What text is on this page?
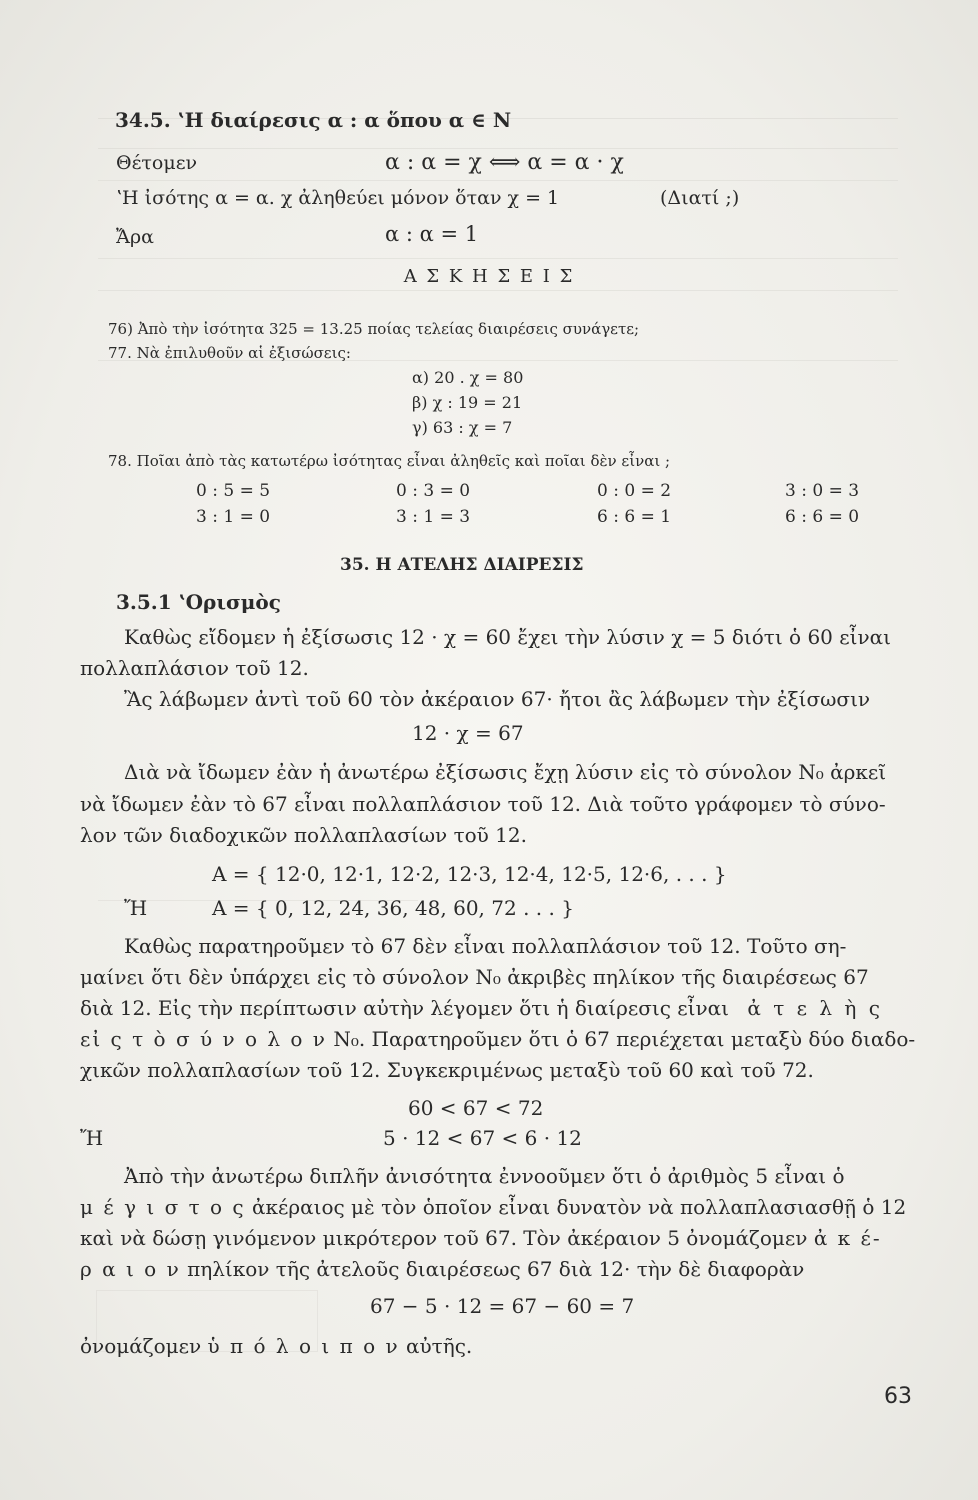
34.5. ʽΗ διαίρεσις α : α ὅπου α ∈ N
Θέτομεν	α : α = χ ⟺ α = α · χ
ʽΗ ἰσότης α = α. χ ἀληθεύει μόνον ὅταν χ = 1	(Διατί ;)
Ἄρα	α : α = 1
Α Σ Κ Η Σ Ε Ι Σ
76) Ἀπὸ τὴν ἰσότητα 325 = 13.25 ποίας τελείας διαιρέσεις συνάγετε;
77. Νὰ ἐπιλυθοῦν αἱ ἐξισώσεις:
α) 20 . χ = 80
β) χ : 19 = 21
γ) 63 : χ = 7
78. Ποῖαι ἀπὸ τὰς κατωτέρω ἰσότητας εἶναι ἀληθεῖς καὶ ποῖαι δὲν εἶναι ;
0 : 5 = 5	0 : 3 = 0	0 : 0 = 2	3 : 0 = 3
3 : 1 = 0	3 : 1 = 3	6 : 6 = 1	6 : 6 = 0
35. Η ΑΤΕΛΗΣ ΔΙΑΙΡΕΣΙΣ
3.5.1 ʽΟρισμὸς
Καθὼς εἴδομεν ἡ ἐξίσωσις 12 · χ = 60 ἔχει τὴν λύσιν χ = 5 διότι ὁ 60 εἶναι
πολλαπλάσιον τοῦ 12.
Ἂς λάβωμεν ἀντὶ τοῦ 60 τὸν ἀκέραιον 67· ἤτοι ἂς λάβωμεν τὴν ἐξίσωσιν
12 · χ = 67
Διὰ νὰ ἴδωμεν ἐὰν ἡ ἀνωτέρω ἐξίσωσις ἔχῃ λύσιν εἰς τὸ σύνολον N₀ ἀρκεῖ
νὰ ἴδωμεν ἐὰν τὸ 67 εἶναι πολλαπλάσιον τοῦ 12. Διὰ τοῦτο γράφομεν τὸ σύνο-
λον τῶν διαδοχικῶν πολλαπλασίων τοῦ 12.
A = { 12·0, 12·1, 12·2, 12·3, 12·4, 12·5, 12·6, . . . }
Ἤ	A = { 0, 12, 24, 36, 48, 60, 72 . . . }
Καθὼς παρατηροῦμεν τὸ 67 δὲν εἶναι πολλαπλάσιον τοῦ 12. Τοῦτο ση-
μαίνει ὅτι δὲν ὑπάρχει εἰς τὸ σύνολον N₀ ἀκριβὲς πηλίκον τῆς διαιρέσεως 67
διὰ 12. Εἰς τὴν περίπτωσιν αὐτὴν λέγομεν ὅτι ἡ διαίρεσις εἶναι ἀ τ ε λ ὴ ς
εἰ ς τ ὸ σ ύ ν ο λ ο ν N₀. Παρατηροῦμεν ὅτι ὁ 67 περιέχεται μεταξὺ δύο διαδο-
χικῶν πολλαπλασίων τοῦ 12. Συγκεκριμένως μεταξὺ τοῦ 60 καὶ τοῦ 72.
60 < 67 < 72
Ἤ	5 · 12 < 67 < 6 · 12
Ἀπὸ τὴν ἀνωτέρω διπλῆν ἀνισότητα ἐννοοῦμεν ὅτι ὁ ἀριθμὸς 5 εἶναι ὁ
μ έ γ ι σ τ ο ς ἀκέραιος μὲ τὸν ὁποῖον εἶναι δυνατὸν νὰ πολλαπλασιασθῇ ὁ 12
καὶ νὰ δώσῃ γινόμενον μικρότερον τοῦ 67. Τὸν ἀκέραιον 5 ὀνομάζομεν ἀ κ έ-
ρ α ι ο ν πηλίκον τῆς ἀτελοῦς διαιρέσεως 67 διὰ 12· τὴν δὲ διαφορὰν
67 − 5 · 12 = 67 − 60 = 7
ὀνομάζομεν ὑ π ό λ ο ι π ο ν αὐτῆς.
63
